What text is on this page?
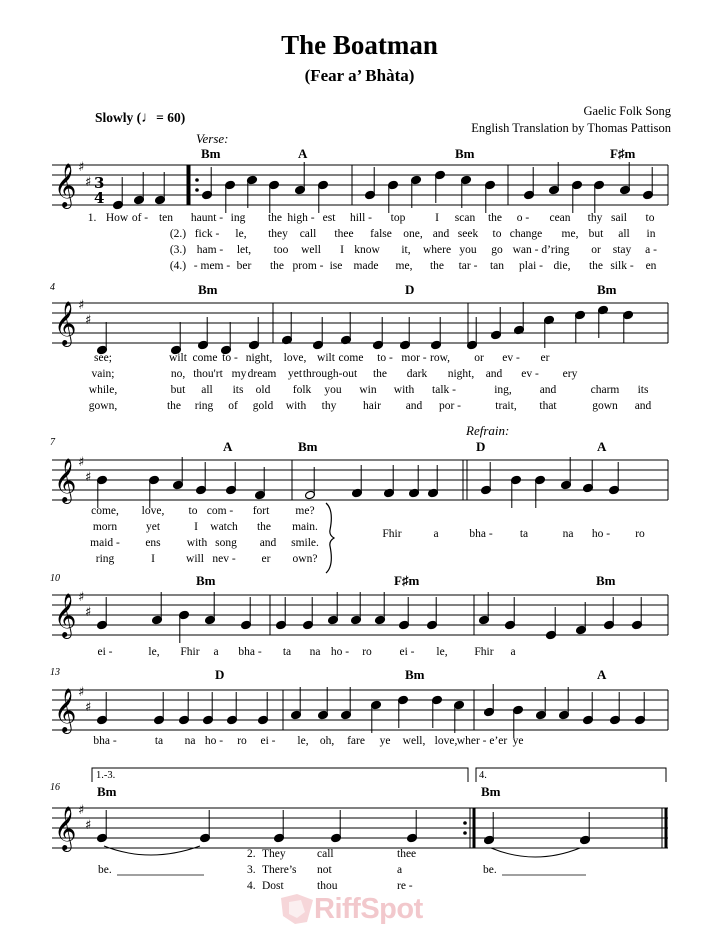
The Boatman
(Fear a’ Bhàta)
Gaelic Folk Song
English Translation by Thomas Pattison
Slowly (♩= 60)
𝄞 ♯
♯
𝄞 ♯
♯
𝄞 ♯
♯
𝄞 ♯
♯
𝄞 ♯
♯
𝄞 ♯
♯
3
4
Verse:
Refrain:
4
7
10
13
16
Bm	A	Bm	F♯m
Bm	D	Bm
A	Bm	D	A
Bm	F♯m	Bm
D	Bm	A
Bm	Bm
1.-3.	4.
1. How of - ten haunt - ing the high - est hill - top	I scan the o - cean thy sail to
(2.) fick - le, they call thee false one, and seek to change me, but all in
(3.) ham - let, too well I know it, where you go wan - d’ring or stay a -
(4.) - mem - ber the prom - ise made me, the tar - tan plai - die, the silk - en
see;	wilt come to - night, love, wilt come to - mor - row, or ev - er
vain;	no, thou'rt my dream yet through-out the dark night, and ev - ery
while,	but all its old folk you win with talk -	ing, and	charm its
gown,	the ring of gold with thy hair and por -	trait, that	gown and
come, love, to com - fort me?
morn	yet	I watch the main.
maid - ens with song and smile.
ring	I	will nev - er own?
Fhir	a	bha - ta	na ho - ro
ei -	le, Fhir a bha - ta na ho - ro ei - le, Fhir a
bha -	ta na ho - ro ei - le, oh, fare ye well, love, wher - e’er ye
be.	be.
2. They	call	thee
3. There’s not	a
4. Dost	thou	re -
RiffSpot
